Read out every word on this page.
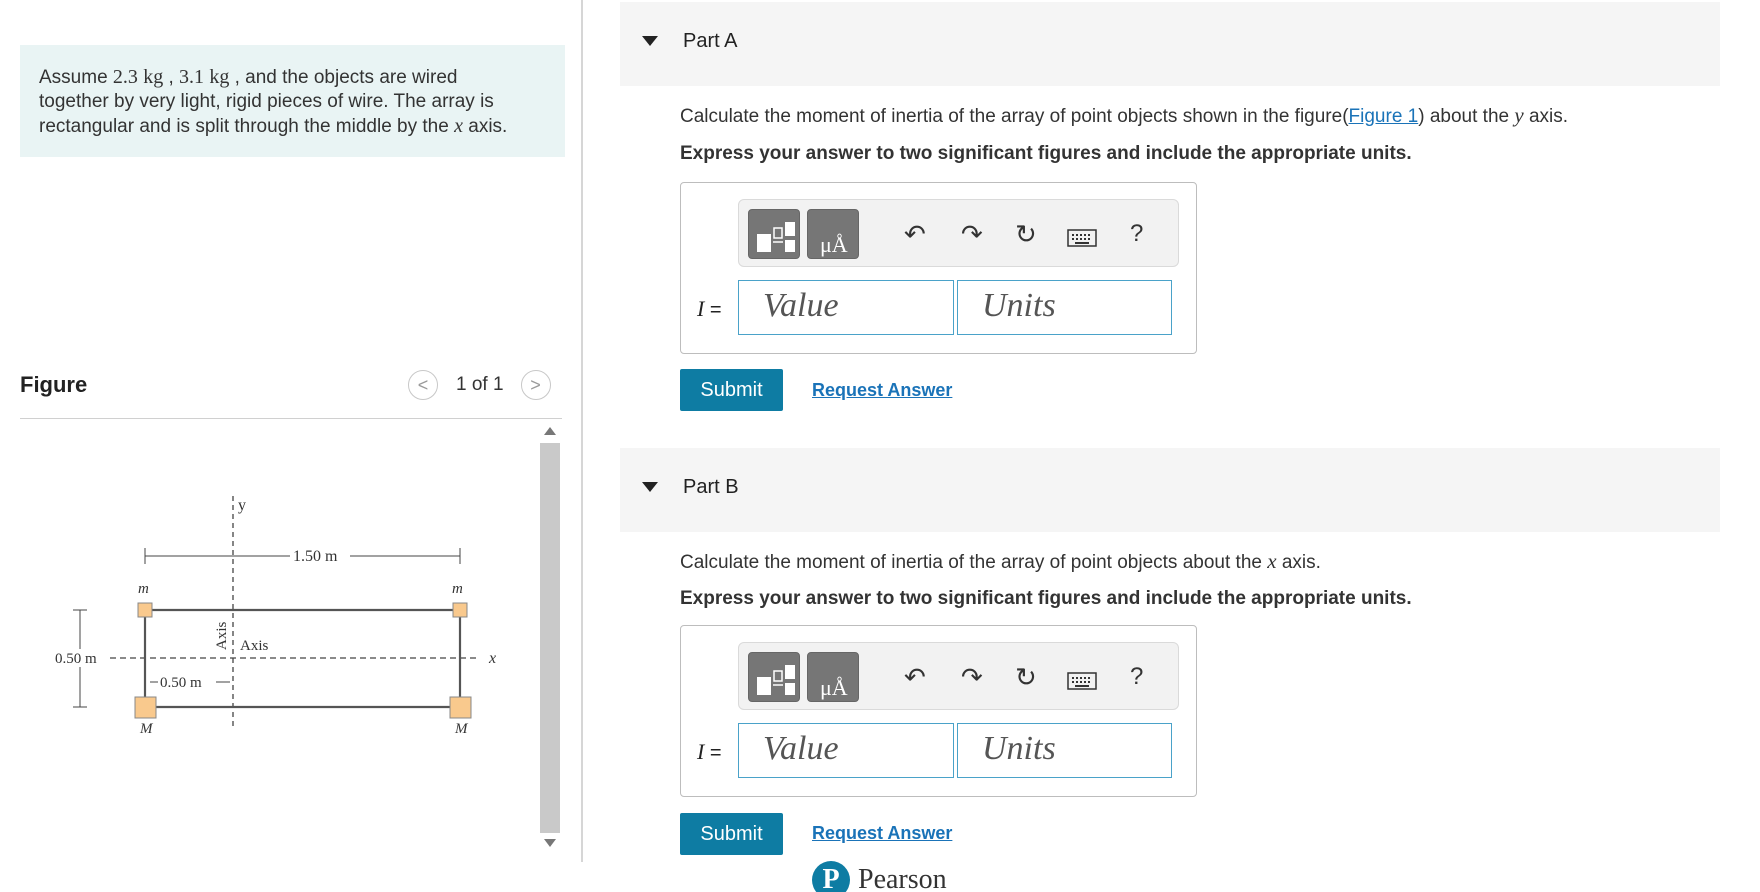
Assume 2.3 kg , 3.1 kg , and the objects are wired
together by very light, rigid pieces of wire. The array is
rectangular and is split through the middle by the x axis.
Figure	<	1 of 1	>
y
x
1.50 m
m	m
M	M
0.50 m
0.50 m
Axis Axis
Part A
Calculate the moment of inertia of the array of point objects shown in the figure(Figure 1) about the y axis.
Express your answer to two significant figures and include the appropriate units.
μÅ ↶ ↷ ↻	?
I =	Value	Units
Submit	Request Answer
Part B
Calculate the moment of inertia of the array of point objects about the x axis.
Express your answer to two significant figures and include the appropriate units.
μÅ ↶ ↷ ↻	?
I =	Value	Units
Submit	Request Answer
P Pearson
